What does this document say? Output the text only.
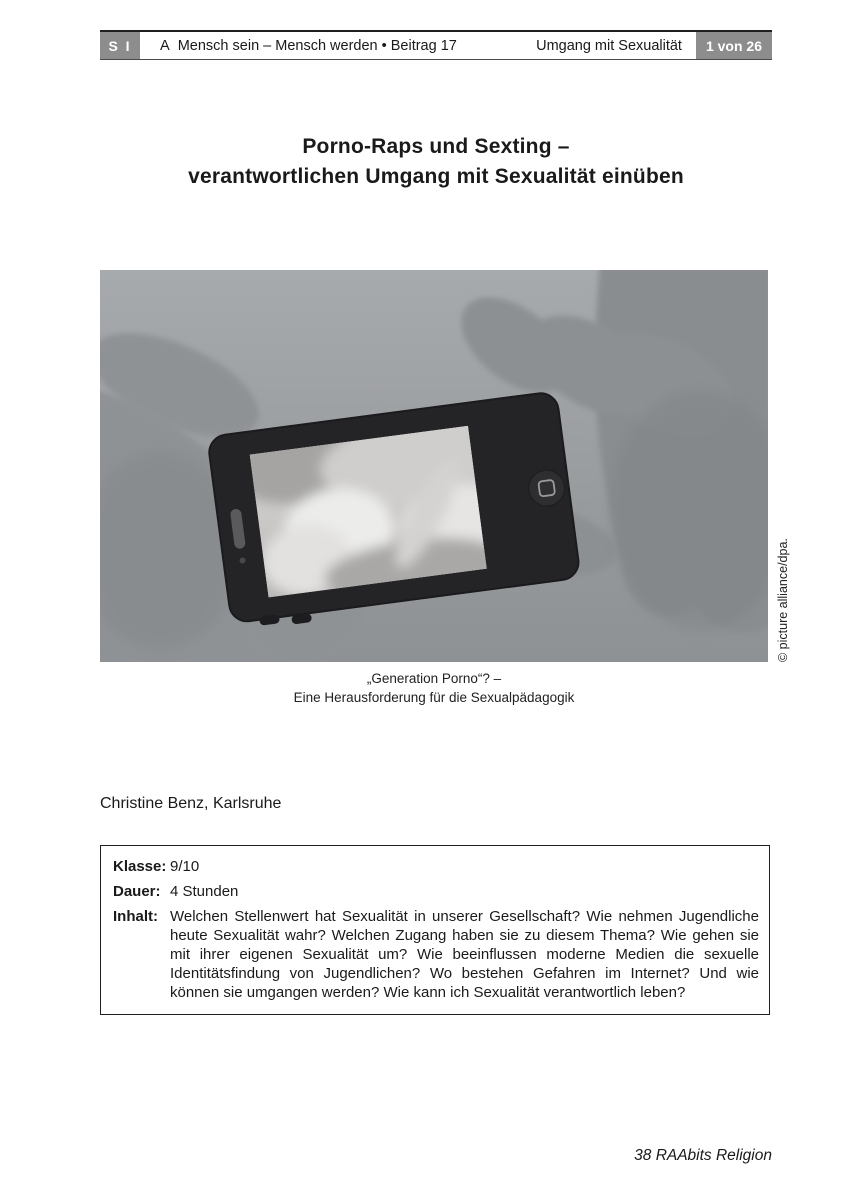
S I	A  Mensch sein – Mensch werden • Beitrag 17	Umgang mit Sexualität	1 von 26
Porno-Raps und Sexting –
verantwortlichen Umgang mit Sexualität einüben
„Generation Porno“? –
Eine Herausforderung für die Sexualpädagogik
© picture alliance/dpa.
Christine Benz, Karlsruhe
Klasse: 9/10
Dauer: 4 Stunden
Inhalt: Welchen Stellenwert hat Sexualität in unserer Gesellschaft? Wie nehmen Jugendliche heute Sexualität wahr? Welchen Zugang haben sie zu diesem Thema? Wie gehen sie mit ihrer eigenen Sexualität um? Wie beeinflussen moderne Medien die sexuelle Identitätsfindung von Jugendlichen? Wo bestehen Gefahren im Internet? Und wie können sie umgangen werden? Wie kann ich Sexualität verantwortlich leben?
38 RAAbits Religion
